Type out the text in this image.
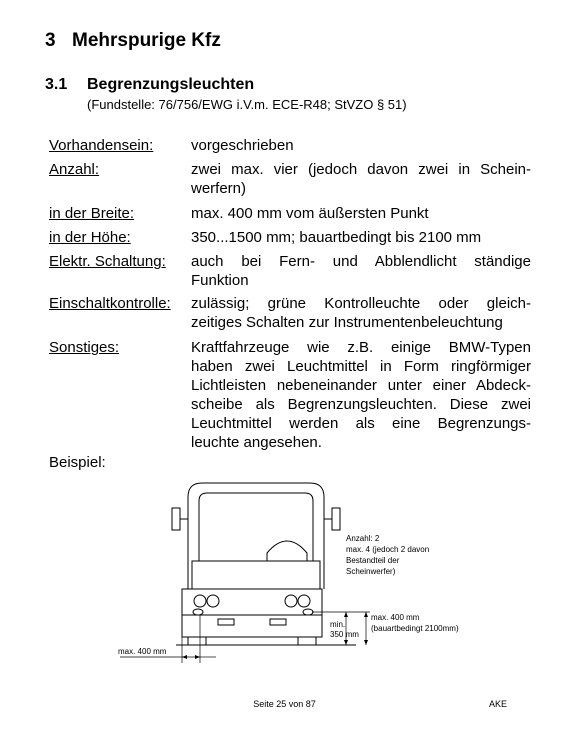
3 Mehrspurige Kfz
3.1 Begrenzungsleuchten
(Fundstelle: 76/756/EWG i.V.m. ECE-R48; StVZO § 51)
Vorhandensein:	vorgeschrieben
Anzahl:	zwei max. vier (jedoch davon zwei in Schein-
werfern)
in der Breite:	max. 400 mm vom äußersten Punkt
in der Höhe:	350...1500 mm; bauartbedingt bis 2100 mm
Elektr. Schaltung: auch bei Fern- und Abblendlicht ständige
Funktion
Einschaltkontrolle: zulässig; grüne Kontrolleuchte oder gleich-
zeitiges Schalten zur Instrumentenbeleuchtung
Sonstiges:	Kraftfahrzeuge wie z.B. einige BMW-Typen
haben zwei Leuchtmittel in Form ringförmiger
Lichtleisten nebeneinander unter einer Abdeck-
scheibe als Begrenzungsleuchten. Diese zwei
Leuchtmittel werden als eine Begrenzungs-
leuchte angesehen.
Beispiel:
Anzahl: 2
max. 4 (jedoch 2 davon
Bestandteil der
Scheinwerfer)
max. 400 mm
(bauartbedingt 2100mm)
min.
350 mm
max. 400 mm
Seite 25 von 87	AKE
